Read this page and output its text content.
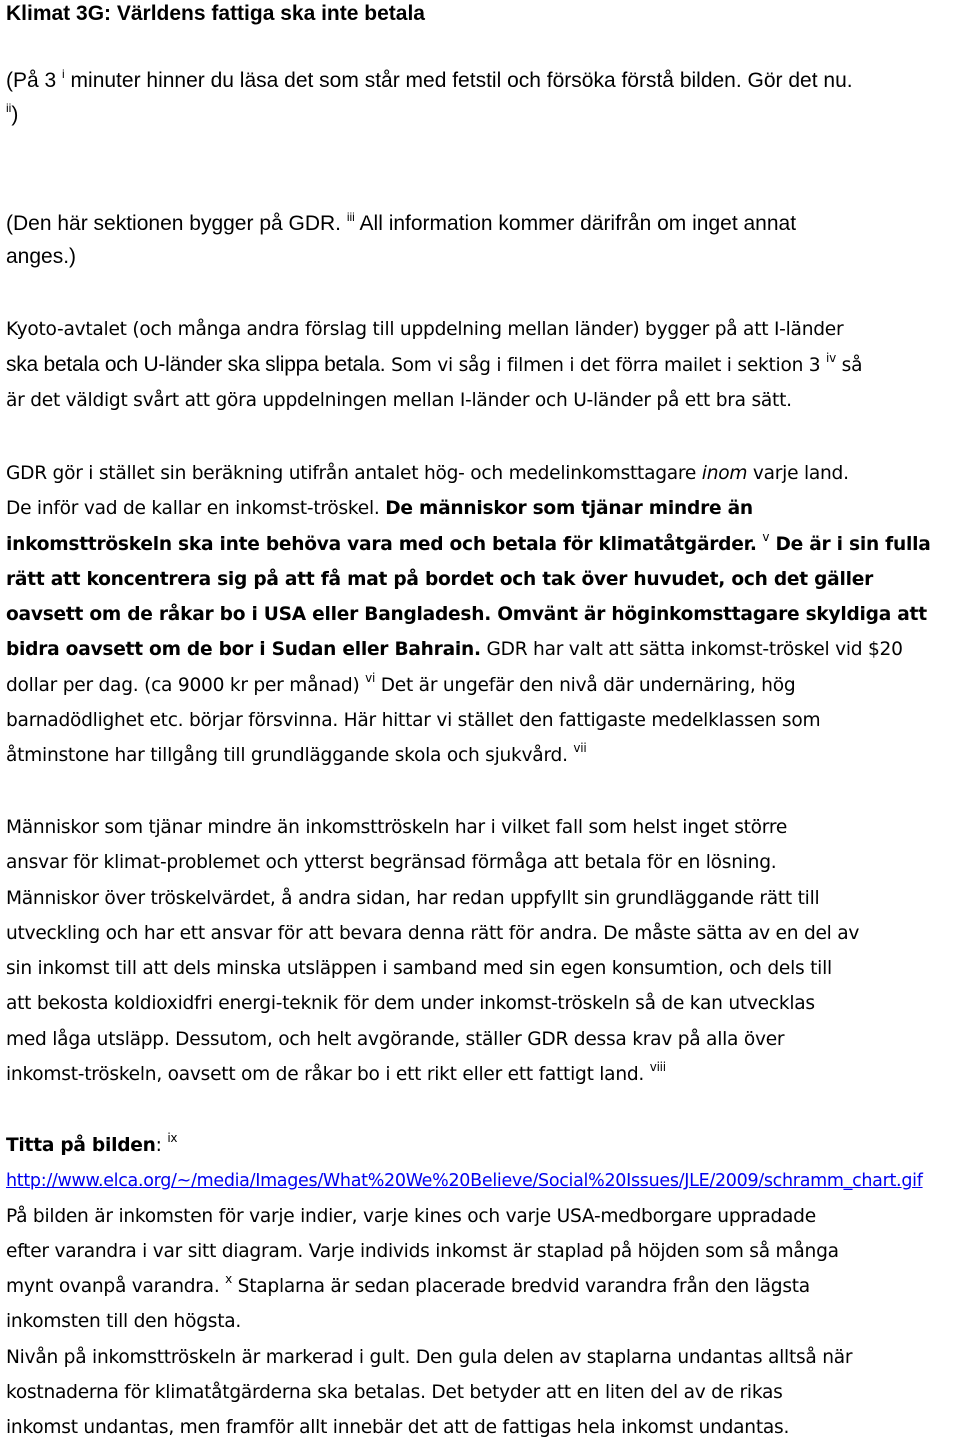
Klimat 3G: Världens fattiga ska inte betala

(På 3 $^i$ minuter hinner du läsa det som står med fetstil och försöka förstå bilden. Gör det nu.
$^{ii}$)

(Den här sektionen bygger på GDR. $^{iii}$ All information kommer därifrån om inget annat
anges.)

Kyoto-avtalet (och många andra förslag till uppdelning mellan länder) bygger på att I-länder
ska betala och U-länder ska slippa betala. Som vi såg i filmen i det förra mailet i sektion 3 $^{iv}$ så
är det väldigt svårt att göra uppdelningen mellan I-länder och U-länder på ett bra sätt.

GDR gör i stället sin beräkning utifrån antalet hög- och medelinkomsttagare inom varje land.
De inför vad de kallar en inkomst-tröskel. De människor som tjänar mindre än
inkomsttröskeln ska inte behöva vara med och betala för klimatåtgärder. $^v$ De är i sin fulla
rätt att koncentrera sig på att få mat på bordet och tak över huvudet, och det gäller
oavsett om de råkar bo i USA eller Bangladesh. Omvänt är höginkomsttagare skyldiga att
bidra oavsett om de bor i Sudan eller Bahrain. GDR har valt att sätta inkomst-tröskel vid $20
dollar per dag. (ca 9000 kr per månad) $^{vi}$ Det är ungefär den nivå där undernäring, hög
barnadödlighet etc. börjar försvinna. Här hittar vi stället den fattigaste medelklassen som
åtminstone har tillgång till grundläggande skola och sjukvård. $^{vii}$

Människor som tjänar mindre än inkomsttröskeln har i vilket fall som helst inget större
ansvar för klimat-problemet och ytterst begränsad förmåga att betala för en lösning.
Människor över tröskelvärdet, å andra sidan, har redan uppfyllt sin grundläggande rätt till
utveckling och har ett ansvar för att bevara denna rätt för andra. De måste sätta av en del av
sin inkomst till att dels minska utsläppen i samband med sin egen konsumtion, och dels till
att bekosta koldioxidfri energi-teknik för dem under inkomst-tröskeln så de kan utvecklas
med låga utsläpp. Dessutom, och helt avgörande, ställer GDR dessa krav på alla över
inkomst-tröskeln, oavsett om de råkar bo i ett rikt eller ett fattigt land. $^{viii}$

Titta på bilden: $^{ix}$
http://www.elca.org/~/media/Images/What%20We%20Believe/Social%20Issues/JLE/2009/schramm_chart.gif
På bilden är inkomsten för varje indier, varje kines och varje USA-medborgare uppradade
efter varandra i var sitt diagram. Varje individs inkomst är staplad på höjden som så många
mynt ovanpå varandra. $^x$ Staplarna är sedan placerade bredvid varandra från den lägsta
inkomsten till den högsta.
Nivån på inkomsttröskeln är markerad i gult. Den gula delen av staplarna undantas alltså när
kostnaderna för klimatåtgärderna ska betalas. Det betyder att en liten del av de rikas
inkomst undantas, men framför allt innebär det att de fattigas hela inkomst undantas.
